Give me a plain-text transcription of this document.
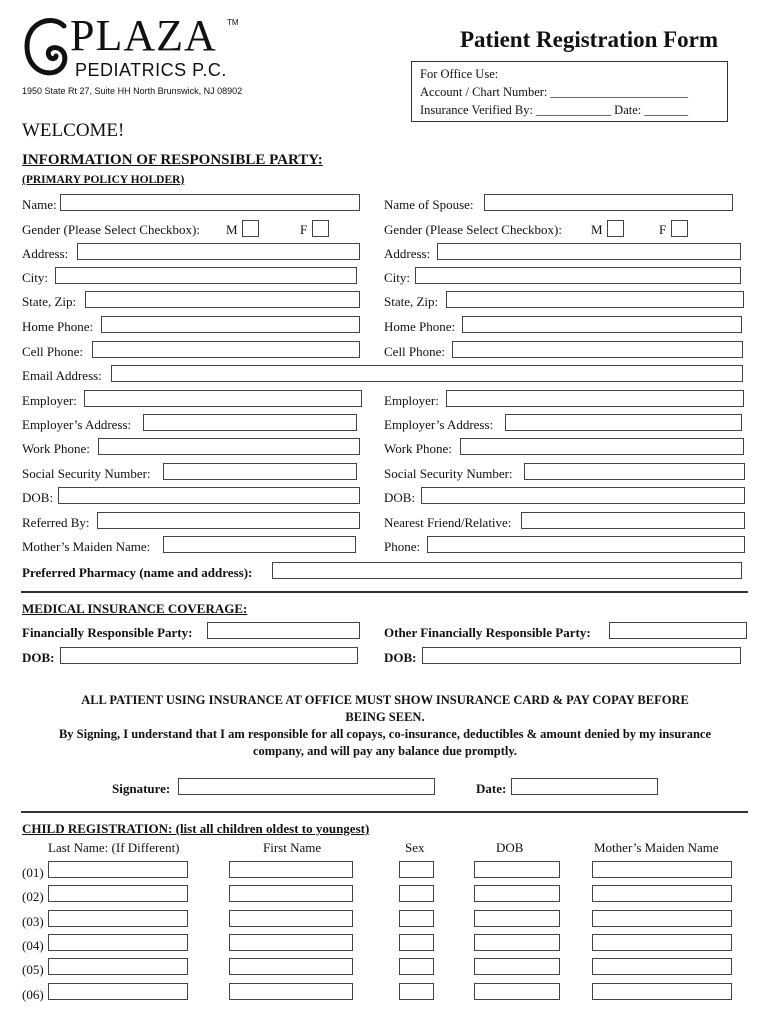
PLAZA TM
PEDIATRICS P.C.
1950 State Rt 27, Suite HH North Brunswick, NJ 08902
Patient Registration Form
For Office Use:
Account / Chart Number: ______________________
Insurance Verified By: ____________ Date: _______
WELCOME!
INFORMATION OF RESPONSIBLE PARTY:
(PRIMARY POLICY HOLDER)
Name:
Gender (Please Select Checkbox): M	F
Address:
City:
State, Zip:
Home Phone:
Cell Phone:
Email Address:
Employer:
Employer’s Address:
Work Phone:
Social Security Number:
DOB:
Referred By:
Mother’s Maiden Name:
Name of Spouse:
Gender (Please Select Checkbox): M	F
Address:
City:
State, Zip:
Home Phone:
Cell Phone:
Employer:
Employer’s Address:
Work Phone:
Social Security Number:
DOB:
Nearest Friend/Relative:
Phone:
Preferred Pharmacy (name and address):
MEDICAL INSURANCE COVERAGE:
Financially Responsible Party:	Other Financially Responsible Party:
DOB:	DOB:
ALL PATIENT USING INSURANCE AT OFFICE MUST SHOW INSURANCE CARD & PAY COPAY BEFORE
BEING SEEN.
By Signing, I understand that I am responsible for all copays, co-insurance, deductibles & amount denied by my insurance
company, and will pay any balance due promptly.
Signature:	Date:
CHILD REGISTRATION: (list all children oldest to youngest)
Last Name: (If Different)	First Name	Sex	DOB	Mother’s Maiden Name
(01)
(02)
(03)
(04)
(05)
(06)
